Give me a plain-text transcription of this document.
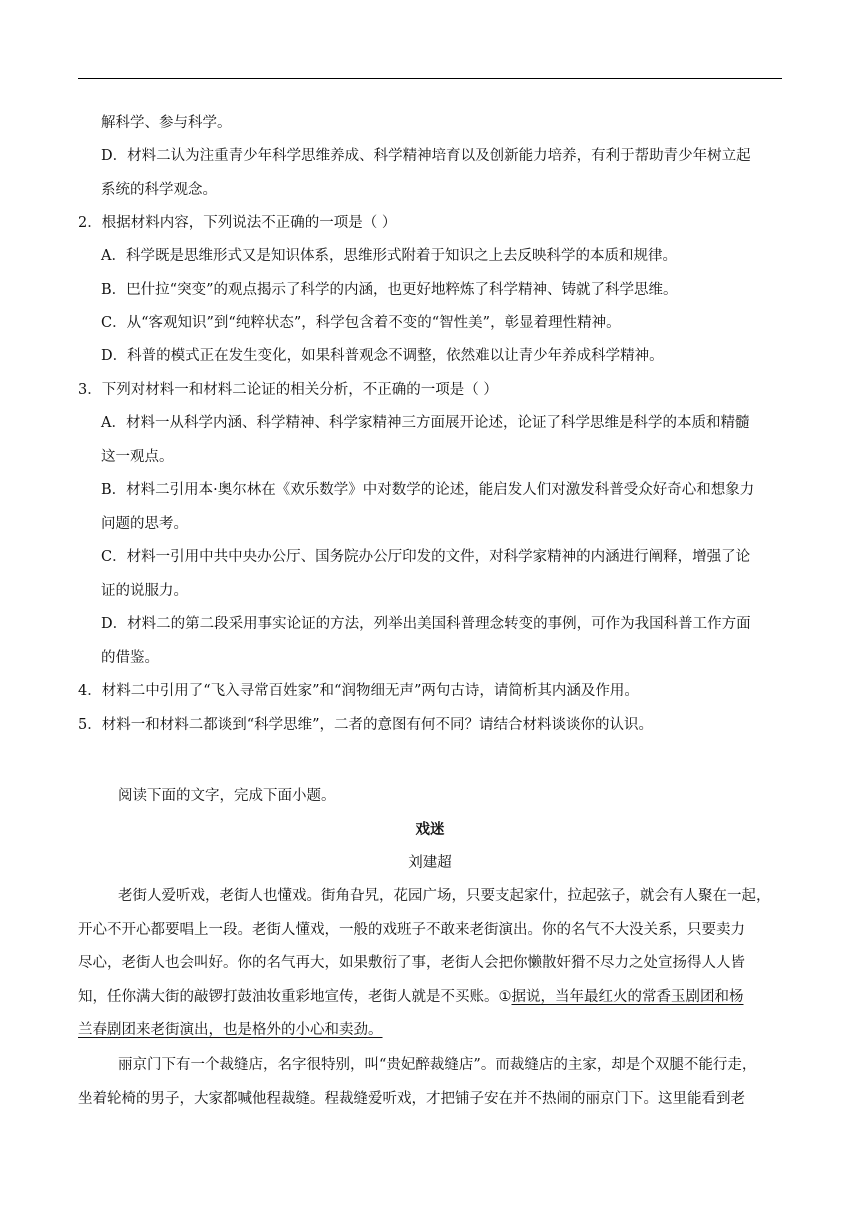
解科学、参与科学。
D．材料二认为注重青少年科学思维养成、科学精神培育以及创新能力培养，有利于帮助青少年树立起
系统的科学观念。
2．根据材料内容，下列说法不正确的一项是（ ）
A．科学既是思维形式又是知识体系，思维形式附着于知识之上去反映科学的本质和规律。
B．巴什拉“突变”的观点揭示了科学的内涵，也更好地粹炼了科学精神、铸就了科学思维。
C．从“客观知识”到“纯粹状态”，科学包含着不变的“智性美”，彰显着理性精神。
D．科普的模式正在发生变化，如果科普观念不调整，依然难以让青少年养成科学精神。
3．下列对材料一和材料二论证的相关分析，不正确的一项是（ ）
A．材料一从科学内涵、科学精神、科学家精神三方面展开论述，论证了科学思维是科学的本质和精髓
这一观点。
B．材料二引用本·奥尔林在《欢乐数学》中对数学的论述，能启发人们对激发科普受众好奇心和想象力
问题的思考。
C．材料一引用中共中央办公厅、国务院办公厅印发的文件，对科学家精神的内涵进行阐释，增强了论
证的说服力。
D．材料二的第二段采用事实论证的方法，列举出美国科普理念转变的事例，可作为我国科普工作方面
的借鉴。
4．材料二中引用了“飞入寻常百姓家”和“润物细无声”两句古诗，请简析其内涵及作用。
5．材料一和材料二都谈到“科学思维”，二者的意图有何不同？请结合材料谈谈你的认识。
阅读下面的文字，完成下面小题。
戏迷
刘建超
老街人爱听戏，老街人也懂戏。街角旮旯，花园广场，只要支起家什，拉起弦子，就会有人聚在一起，
开心不开心都要唱上一段。老街人懂戏，一般的戏班子不敢来老街演出。你的名气不大没关系，只要卖力
尽心，老街人也会叫好。你的名气再大，如果敷衍了事，老街人会把你懒散奸猾不尽力之处宣扬得人人皆
知，任你满大街的敲锣打鼓油妆重彩地宣传，老街人就是不买账。①据说，当年最红火的常香玉剧团和杨
兰春剧团来老街演出，也是格外的小心和卖劲。
丽京门下有一个裁缝店，名字很特别，叫“贵妃醉裁缝店”。而裁缝店的主家，却是个双腿不能行走，
坐着轮椅的男子，大家都喊他程裁缝。程裁缝爱听戏，才把铺子安在并不热闹的丽京门下。这里能看到老
